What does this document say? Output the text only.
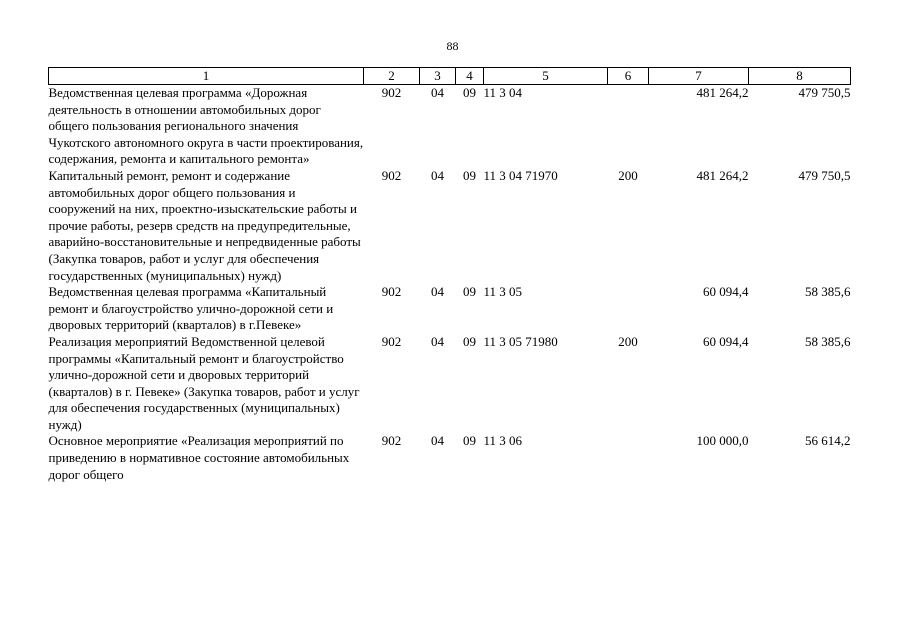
88
1	2	3	4	5	6	7	8
Ведомственная целевая программа «Дорожная деятельность в отношении автомобильных дорог общего пользования регионального значения Чукотского автономного округа в части проектирования, содержания, ремонта и капитального ремонта»	902	04	09	11 3 04		481 264,2	479 750,5
Капитальный ремонт, ремонт и содержание автомобильных дорог общего пользования и сооружений на них, проектно-изыскательские работы и прочие работы, резерв средств на предупредительные, аварийно-восстановительные и непредвиденные работы (Закупка товаров, работ и услуг для обеспечения государственных (муниципальных) нужд)	902	04	09	11 3 04 71970	200	481 264,2	479 750,5
Ведомственная целевая программа «Капитальный ремонт и благоустройство улично-дорожной сети и дворовых территорий (кварталов) в г.Певеке»	902	04	09	11 3 05		60 094,4	58 385,6
Реализация мероприятий Ведомственной целевой программы «Капитальный ремонт и благоустройство улично-дорожной сети и дворовых территорий (кварталов) в г. Певеке» (Закупка товаров, работ и услуг для обеспечения государственных (муниципальных) нужд)	902	04	09	11 3 05 71980	200	60 094,4	58 385,6
Основное мероприятие «Реализация мероприятий по приведению в нормативное состояние автомобильных дорог общего	902	04	09	11 3 06		100 000,0	56 614,2
